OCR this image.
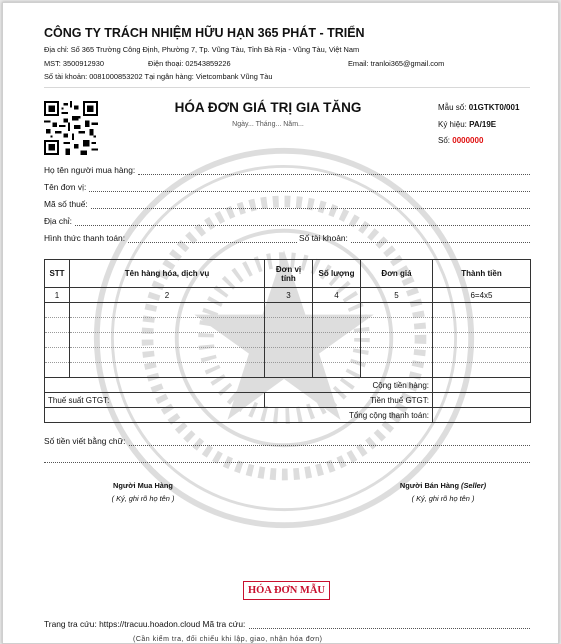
CÔNG TY TRÁCH NHIỆM HỮU HẠN 365 PHÁT - TRIỂN
Địa chỉ: Số 365 Trường Công Định, Phường 7, Tp. Vũng Tàu, Tỉnh Bà Rịa - Vũng Tàu, Việt Nam
MST: 3500912930	Điện thoại: 02543859226	Email: tranloi365@gmail.com
Số tài khoản: 0081000853202 Tại ngân hàng: Vietcombank Vũng Tàu
HÓA ĐƠN GIÁ TRỊ GIA TĂNG
Ngày... Tháng... Năm...
Mẫu số: 01GTKT0/001
Ký hiệu: PA/19E
Số: 0000000
Họ tên người mua hàng:
Tên đơn vị:
Mã số thuế:
Địa chỉ:
Hình thức thanh toán:	Số tài khoản:
STT	Tên hàng hóa, dịch vụ	Đơn vị tính	Số lượng	Đơn giá	Thành tiền
1	2	3	4	5	6=4x5

Cộng tiền hàng:					
Thuế suất GTGT:		Tiền thuế GTGT:			
Tổng cộng thanh toán:					
Số tiền viết bằng chữ:
Người Mua Hàng
( Ký, ghi rõ họ tên )
Người Bán Hàng (Seller)
( Ký, ghi rõ họ tên )
HÓA ĐƠN MẪU
Trang tra cứu: https://tracuu.hoadon.cloud Mã tra cứu:
(Cần kiểm tra, đối chiếu khi lập, giao, nhận hóa đơn)
